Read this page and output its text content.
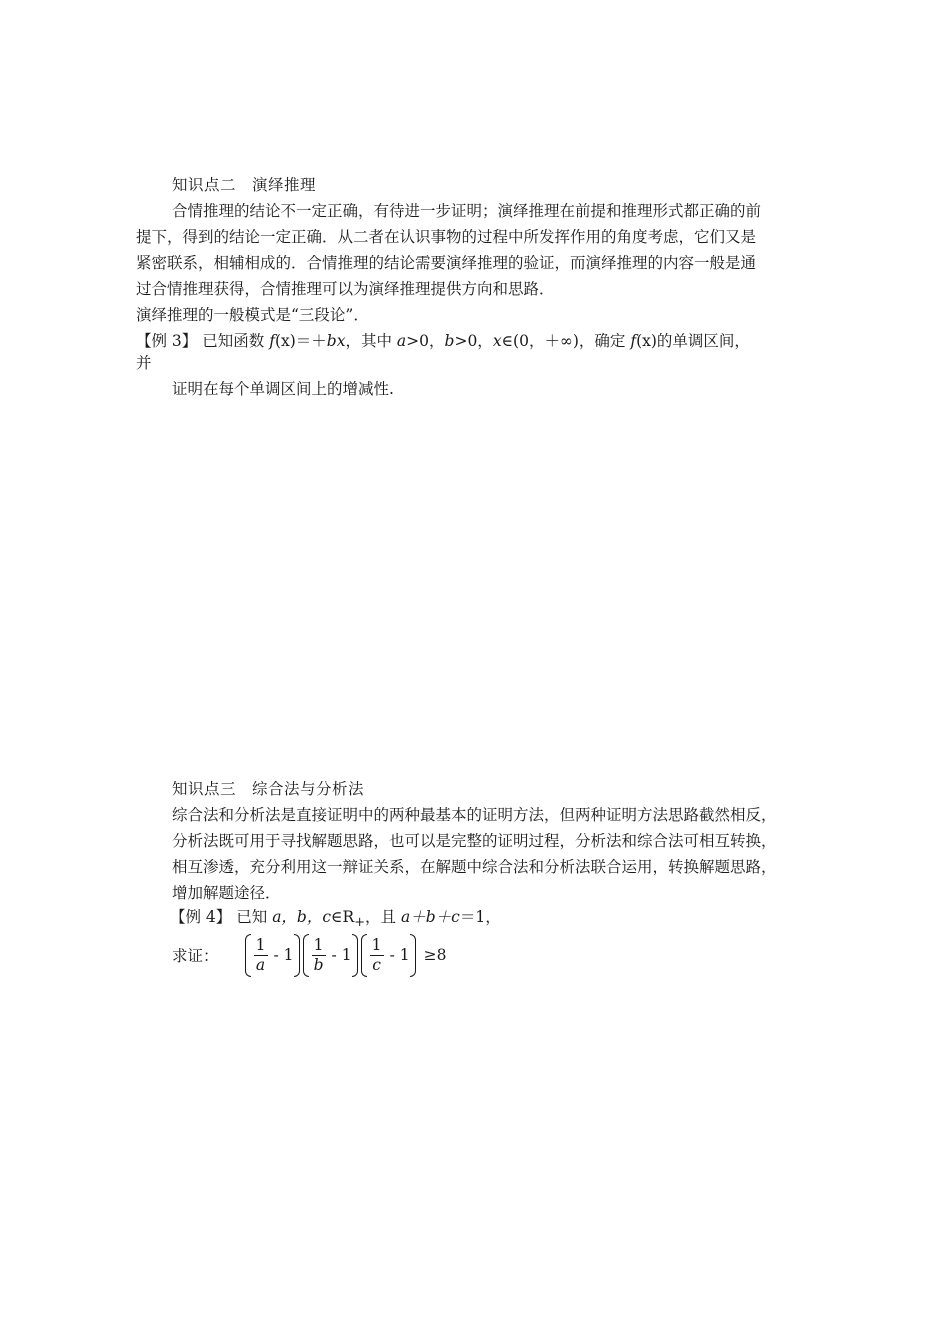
知识点二 演绎推理
合情推理的结论不一定正确，有待进一步证明；演绎推理在前提和推理形式都正确的前
提下，得到的结论一定正确．从二者在认识事物的过程中所发挥作用的角度考虑，它们又是
紧密联系，相辅相成的．合情推理的结论需要演绎推理的验证，而演绎推理的内容一般是通
过合情推理获得，合情推理可以为演绎推理提供方向和思路．
演绎推理的一般模式是“三段论”．
【例 3】 已知函数 f(x)＝＋bx，其中 a>0，b>0，x∈(0，＋∞)，确定 f(x)的单调区间，
并
证明在每个单调区间上的增减性.
知识点三 综合法与分析法
综合法和分析法是直接证明中的两种最基本的证明方法，但两种证明方法思路截然相反，
分析法既可用于寻找解题思路，也可以是完整的证明过程，分析法和综合法可相互转换，
相互渗透，充分利用这一辩证关系，在解题中综合法和分析法联合运用，转换解题思路，
增加解题途径．
【例 4】 已知 a，b，$c\in R_+$，且 a＋b＋c＝1，
求证： $\frac{1}{a} - 1 \frac{1}{b} - 1 \frac{1}{c} - 1 \ge 8$
